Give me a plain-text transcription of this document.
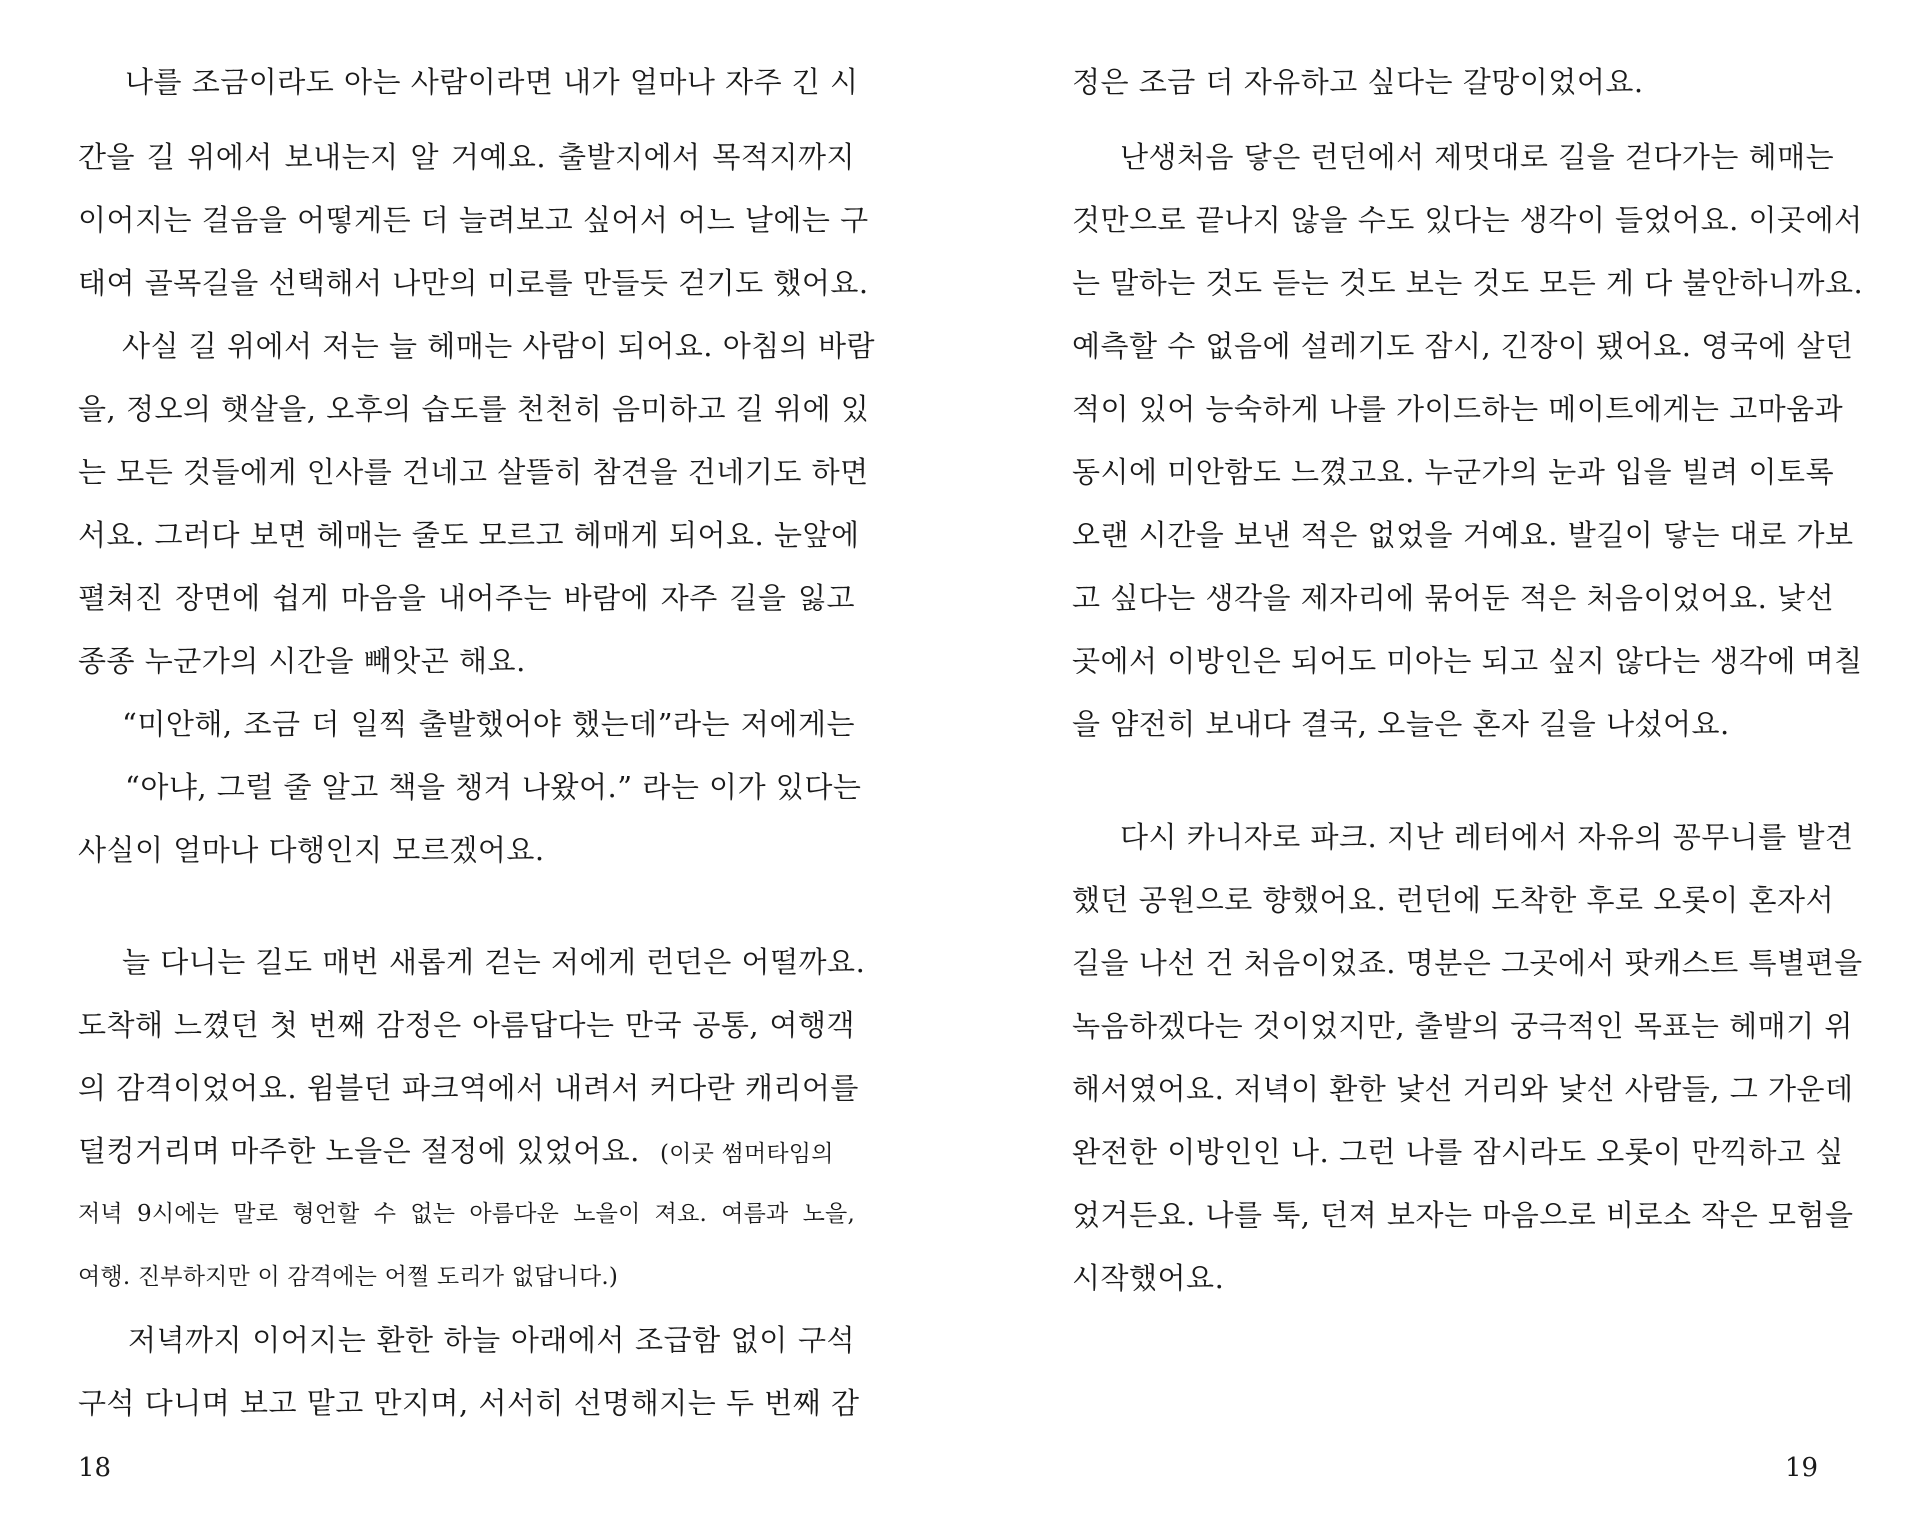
나를 조금이라도 아는 사람이라면 내가 얼마나 자주 긴 시
간을 길 위에서 보내는지 알 거예요. 출발지에서 목적지까지
이어지는 걸음을 어떻게든 더 늘려보고 싶어서 어느 날에는 구
태여 골목길을 선택해서 나만의 미로를 만들듯 걷기도 했어요.
사실 길 위에서 저는 늘 헤매는 사람이 되어요. 아침의 바람
을, 정오의 햇살을, 오후의 습도를 천천히 음미하고 길 위에 있
는 모든 것들에게 인사를 건네고 살뜰히 참견을 건네기도 하면
서요. 그러다 보면 헤매는 줄도 모르고 헤매게 되어요. 눈앞에
펼쳐진 장면에 쉽게 마음을 내어주는 바람에 자주 길을 잃고
종종 누군가의 시간을 빼앗곤 해요.
“미안해, 조금 더 일찍 출발했어야 했는데”라는 저에게는
“아냐, 그럴 줄 알고 책을 챙겨 나왔어.” 라는 이가 있다는
사실이 얼마나 다행인지 모르겠어요.
늘 다니는 길도 매번 새롭게 걷는 저에게 런던은 어떨까요.
도착해 느꼈던 첫 번째 감정은 아름답다는 만국 공통, 여행객
의 감격이었어요. 윔블던 파크역에서 내려서 커다란 캐리어를
덜컹거리며 마주한 노을은 절정에 있었어요. (이곳 썸머타임의
저녁 9시에는 말로 형언할 수 없는 아름다운 노을이 져요. 여름과 노을,
여행. 진부하지만 이 감격에는 어쩔 도리가 없답니다.)
저녁까지 이어지는 환한 하늘 아래에서 조급함 없이 구석
구석 다니며 보고 맡고 만지며, 서서히 선명해지는 두 번째 감
18
정은 조금 더 자유하고 싶다는 갈망이었어요.
난생처음 닿은 런던에서 제멋대로 길을 걷다가는 헤매는
것만으로 끝나지 않을 수도 있다는 생각이 들었어요. 이곳에서
는 말하는 것도 듣는 것도 보는 것도 모든 게 다 불안하니까요.
예측할 수 없음에 설레기도 잠시, 긴장이 됐어요. 영국에 살던
적이 있어 능숙하게 나를 가이드하는 메이트에게는 고마움과
동시에 미안함도 느꼈고요. 누군가의 눈과 입을 빌려 이토록
오랜 시간을 보낸 적은 없었을 거예요. 발길이 닿는 대로 가보
고 싶다는 생각을 제자리에 묶어둔 적은 처음이었어요. 낯선
곳에서 이방인은 되어도 미아는 되고 싶지 않다는 생각에 며칠
을 얌전히 보내다 결국, 오늘은 혼자 길을 나섰어요.
다시 카니자로 파크. 지난 레터에서 자유의 꽁무니를 발견
했던 공원으로 향했어요. 런던에 도착한 후로 오롯이 혼자서
길을 나선 건 처음이었죠. 명분은 그곳에서 팟캐스트 특별편을
녹음하겠다는 것이었지만, 출발의 궁극적인 목표는 헤매기 위
해서였어요. 저녁이 환한 낯선 거리와 낯선 사람들, 그 가운데
완전한 이방인인 나. 그런 나를 잠시라도 오롯이 만끽하고 싶
었거든요. 나를 툭, 던져 보자는 마음으로 비로소 작은 모험을
시작했어요.
19
